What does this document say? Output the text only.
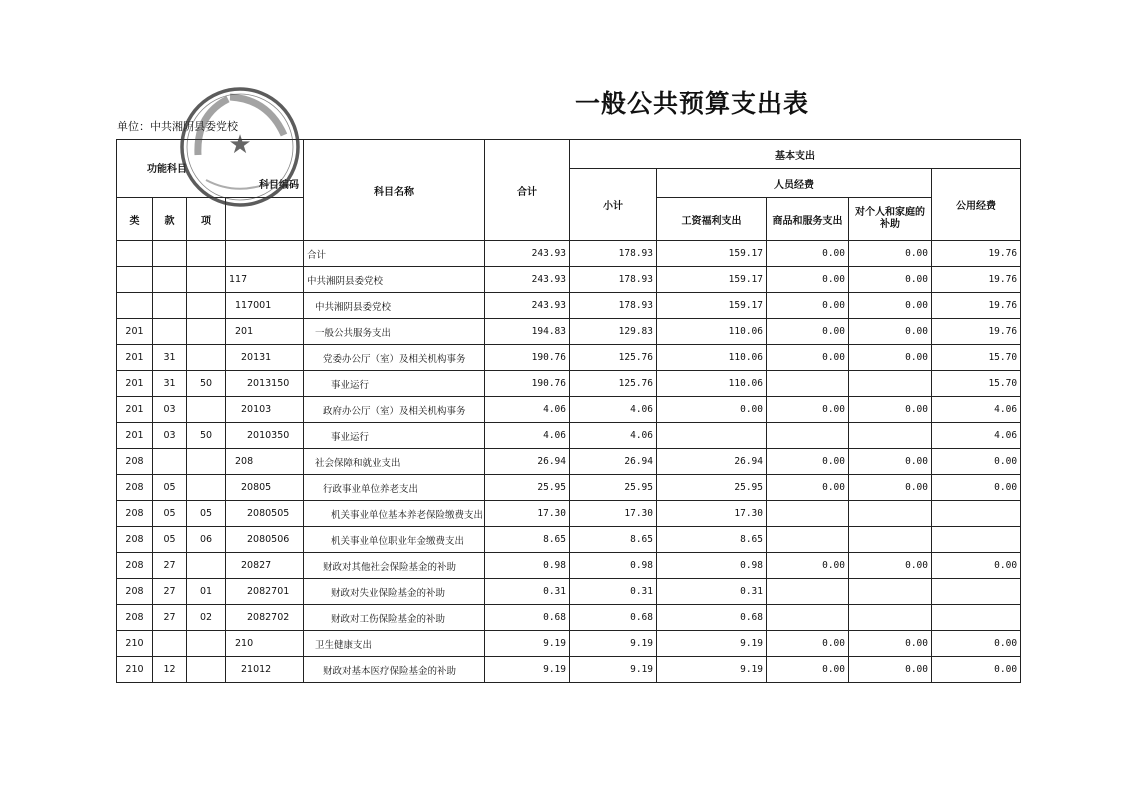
一般公共预算支出表
单位：中共湘阴县委党校
功能科目
科目编码				科目名称	合计	基本支出				
						小计	人员经费			公用经费
类	款	项					工资福利支出	商品和服务支出	对个人和家庭的补助	
				合计	243.93	178.93	159.17	0.00	0.00	19.76
			117	中共湘阴县委党校	243.93	178.93	159.17	0.00	0.00	19.76
			117001	中共湘阴县委党校	243.93	178.93	159.17	0.00	0.00	19.76
201			201	一般公共服务支出	194.83	129.83	110.06	0.00	0.00	19.76
201	31		20131	党委办公厅（室）及相关机构事务	190.76	125.76	110.06	0.00	0.00	15.70
201	31	50	2013150	事业运行	190.76	125.76	110.06			15.70
201	03		20103	政府办公厅（室）及相关机构事务	4.06	4.06	0.00	0.00	0.00	4.06
201	03	50	2010350	事业运行	4.06	4.06				4.06
208			208	社会保障和就业支出	26.94	26.94	26.94	0.00	0.00	0.00
208	05		20805	行政事业单位养老支出	25.95	25.95	25.95	0.00	0.00	0.00
208	05	05	2080505	机关事业单位基本养老保险缴费支出	17.30	17.30	17.30			
208	05	06	2080506	机关事业单位职业年金缴费支出	8.65	8.65	8.65			
208	27		20827	财政对其他社会保险基金的补助	0.98	0.98	0.98	0.00	0.00	0.00
208	27	01	2082701	财政对失业保险基金的补助	0.31	0.31	0.31			
208	27	02	2082702	财政对工伤保险基金的补助	0.68	0.68	0.68			
210			210	卫生健康支出	9.19	9.19	9.19	0.00	0.00	0.00
210	12		21012	财政对基本医疗保险基金的补助	9.19	9.19	9.19	0.00	0.00	0.00
★
